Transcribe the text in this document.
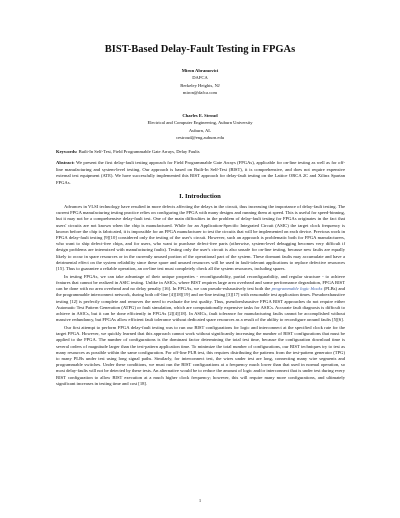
BIST-Based Delay-Fault Testing in FPGAs
Miron Abramovici
DAFCA
Berkeley Heights, NJ
miron@dafca.com
Charles E. Stroud
Electrical and Computer Engineering, Auburn University
Auburn, AL
cestroud@eng.auburn.edu
Keywords: Built-In Self-Test, Field Programmable Gate Arrays, Delay Faults
Abstract: We present the first delay-fault testing approach for Field Programmable Gate Arrays (FPGAs), applicable for on-line testing as well as for off-line manufacturing and system-level testing. Our approach is based on Built-In Self-Test (BIST), it is comprehensive, and does not require expensive external test equipment (ATE). We have successfully implemented this BIST approach for delay-fault testing on the Lattice ORCA 2C and Xilinx Spartan FPGAs.
I. Introduction

Advances in VLSI technology have resulted in more defects affecting the delays in the circuit, thus increasing the importance of delay-fault testing. The current FPGA manufacturing testing practice relies on configuring the FPGA with many designs and running them at speed. This is useful for speed-binning, but it may not be a comprehensive delay-fault test. One of the main difficulties in the problem of delay-fault testing for FPGAs originates in the fact that users' circuits are not known when the chip is manufactured. While for an Application-Specific Integrated Circuit (ASIC) the target clock frequency is known before the chip is fabricated, it is impossible for an FPGA manufacturer to test the circuits that will be implemented on each device. Previous work in FPGA delay-fault testing [9][10] considered only the testing of the user's circuit. However, such an approach is problematic both for FPGA manufacturers, who want to ship defect-free chips, and for users, who want to purchase defect-free parts (otherwise, system-level debugging becomes very difficult if design problems are intermixed with manufacturing faults). Testing only the user's circuit is also unsafe for on-line testing, because new faults are equally likely to occur in spare resources or in the currently unused portion of the operational part of the system. These dormant faults may accumulate and have a detrimental effect on the system reliability since these spare and unused resources will be used in fault-tolerant applications to replace defective resources [15]. Thus to guarantee a reliable operation, an on-line test must completely check all the system resources, including spares.

In testing FPGAs, we can take advantage of their unique properties - reconfigurability, partial reconfigurability, and regular structure - to achieve features that cannot be realized in ASIC testing. Unlike in ASICs, where BIST requires large area overhead and some performance degradation, FPGA BIST can be done with no area overhead and no delay penalty [16]. In FPGAs, we can pseudo-exhaustively test both the programmable logic blocks (PLBs) and the programmable interconnect network, during both off-line [4][18][19] and on-line testing [3][17] with reasonable test application times. Pseudoexhaustive testing [12] is perfectly complete and removes the need to evaluate the test quality. Thus, pseudoexhaustive FPGA BIST approaches do not require either Automatic Test Pattern Generation (ATPG) or fault simulation, which are computationally expensive tasks for ASICs. Accurate fault diagnosis is difficult to achieve in ASICs, but it can be done efficiently in FPGAs [2][4][18]. In ASICs, fault tolerance for manufacturing faults cannot be accomplished without massive redundancy, but FPGAs allow efficient fault tolerance without dedicated spare resources as a result of the ability to reconfigure around faults [5][6].

Our first attempt to perform FPGA delay-fault testing was to run our BIST configurations for logic and interconnect at the specified clock rate for the target FPGA. However, we quickly learned that this approach cannot work without significantly increasing the number of BIST configurations that must be applied to the FPGA. The number of configurations is the dominant factor determining the total test time, because the configuration download time is several orders of magnitude larger than the test-pattern application time. To minimize the total number of configurations, our BIST techniques try to test as many resources as possible within the same configuration. For off-line PLB test, this requires distributing the patterns from the test-pattern generator (TPG) to many PLBs under test using long signal paths. Similarly, for interconnect test, the wires under test are long, connecting many wire segments and programmable switches. Under these conditions, we must run the BIST configurations at a frequency much lower than that used in normal operation, so most delay-faults will not be detected by these tests. An alternative would be to reduce the amount of logic and/or interconnect that is under test during every BIST configuration to allow BIST execution at a much higher clock frequency; however, this will require many more configurations, and ultimately significant increases in testing time and cost [18].

1
